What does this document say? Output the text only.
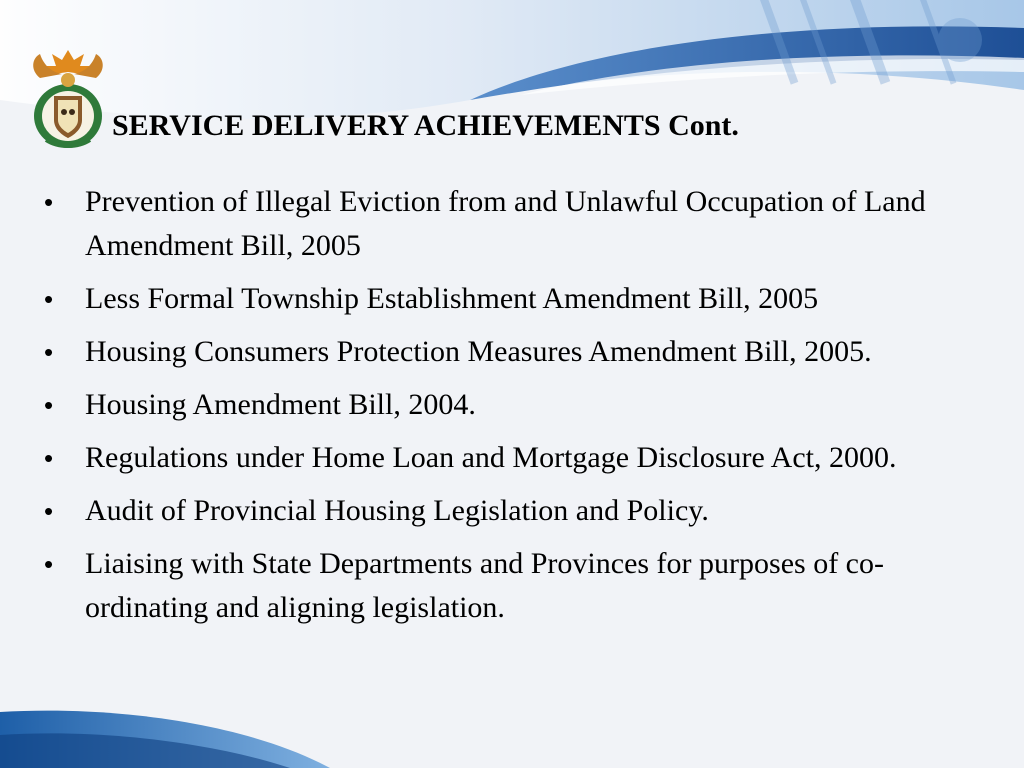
SERVICE DELIVERY ACHIEVEMENTS Cont.
• Prevention of Illegal Eviction from and Unlawful Occupation of Land Amendment Bill, 2005
• Less Formal Township Establishment Amendment Bill, 2005
• Housing Consumers Protection Measures Amendment Bill, 2005.
• Housing Amendment Bill, 2004.
• Regulations under Home Loan and Mortgage Disclosure Act, 2000.
• Audit of Provincial Housing Legislation and Policy.
• Liaising with State Departments and Provinces for purposes of co-ordinating and aligning legislation.
